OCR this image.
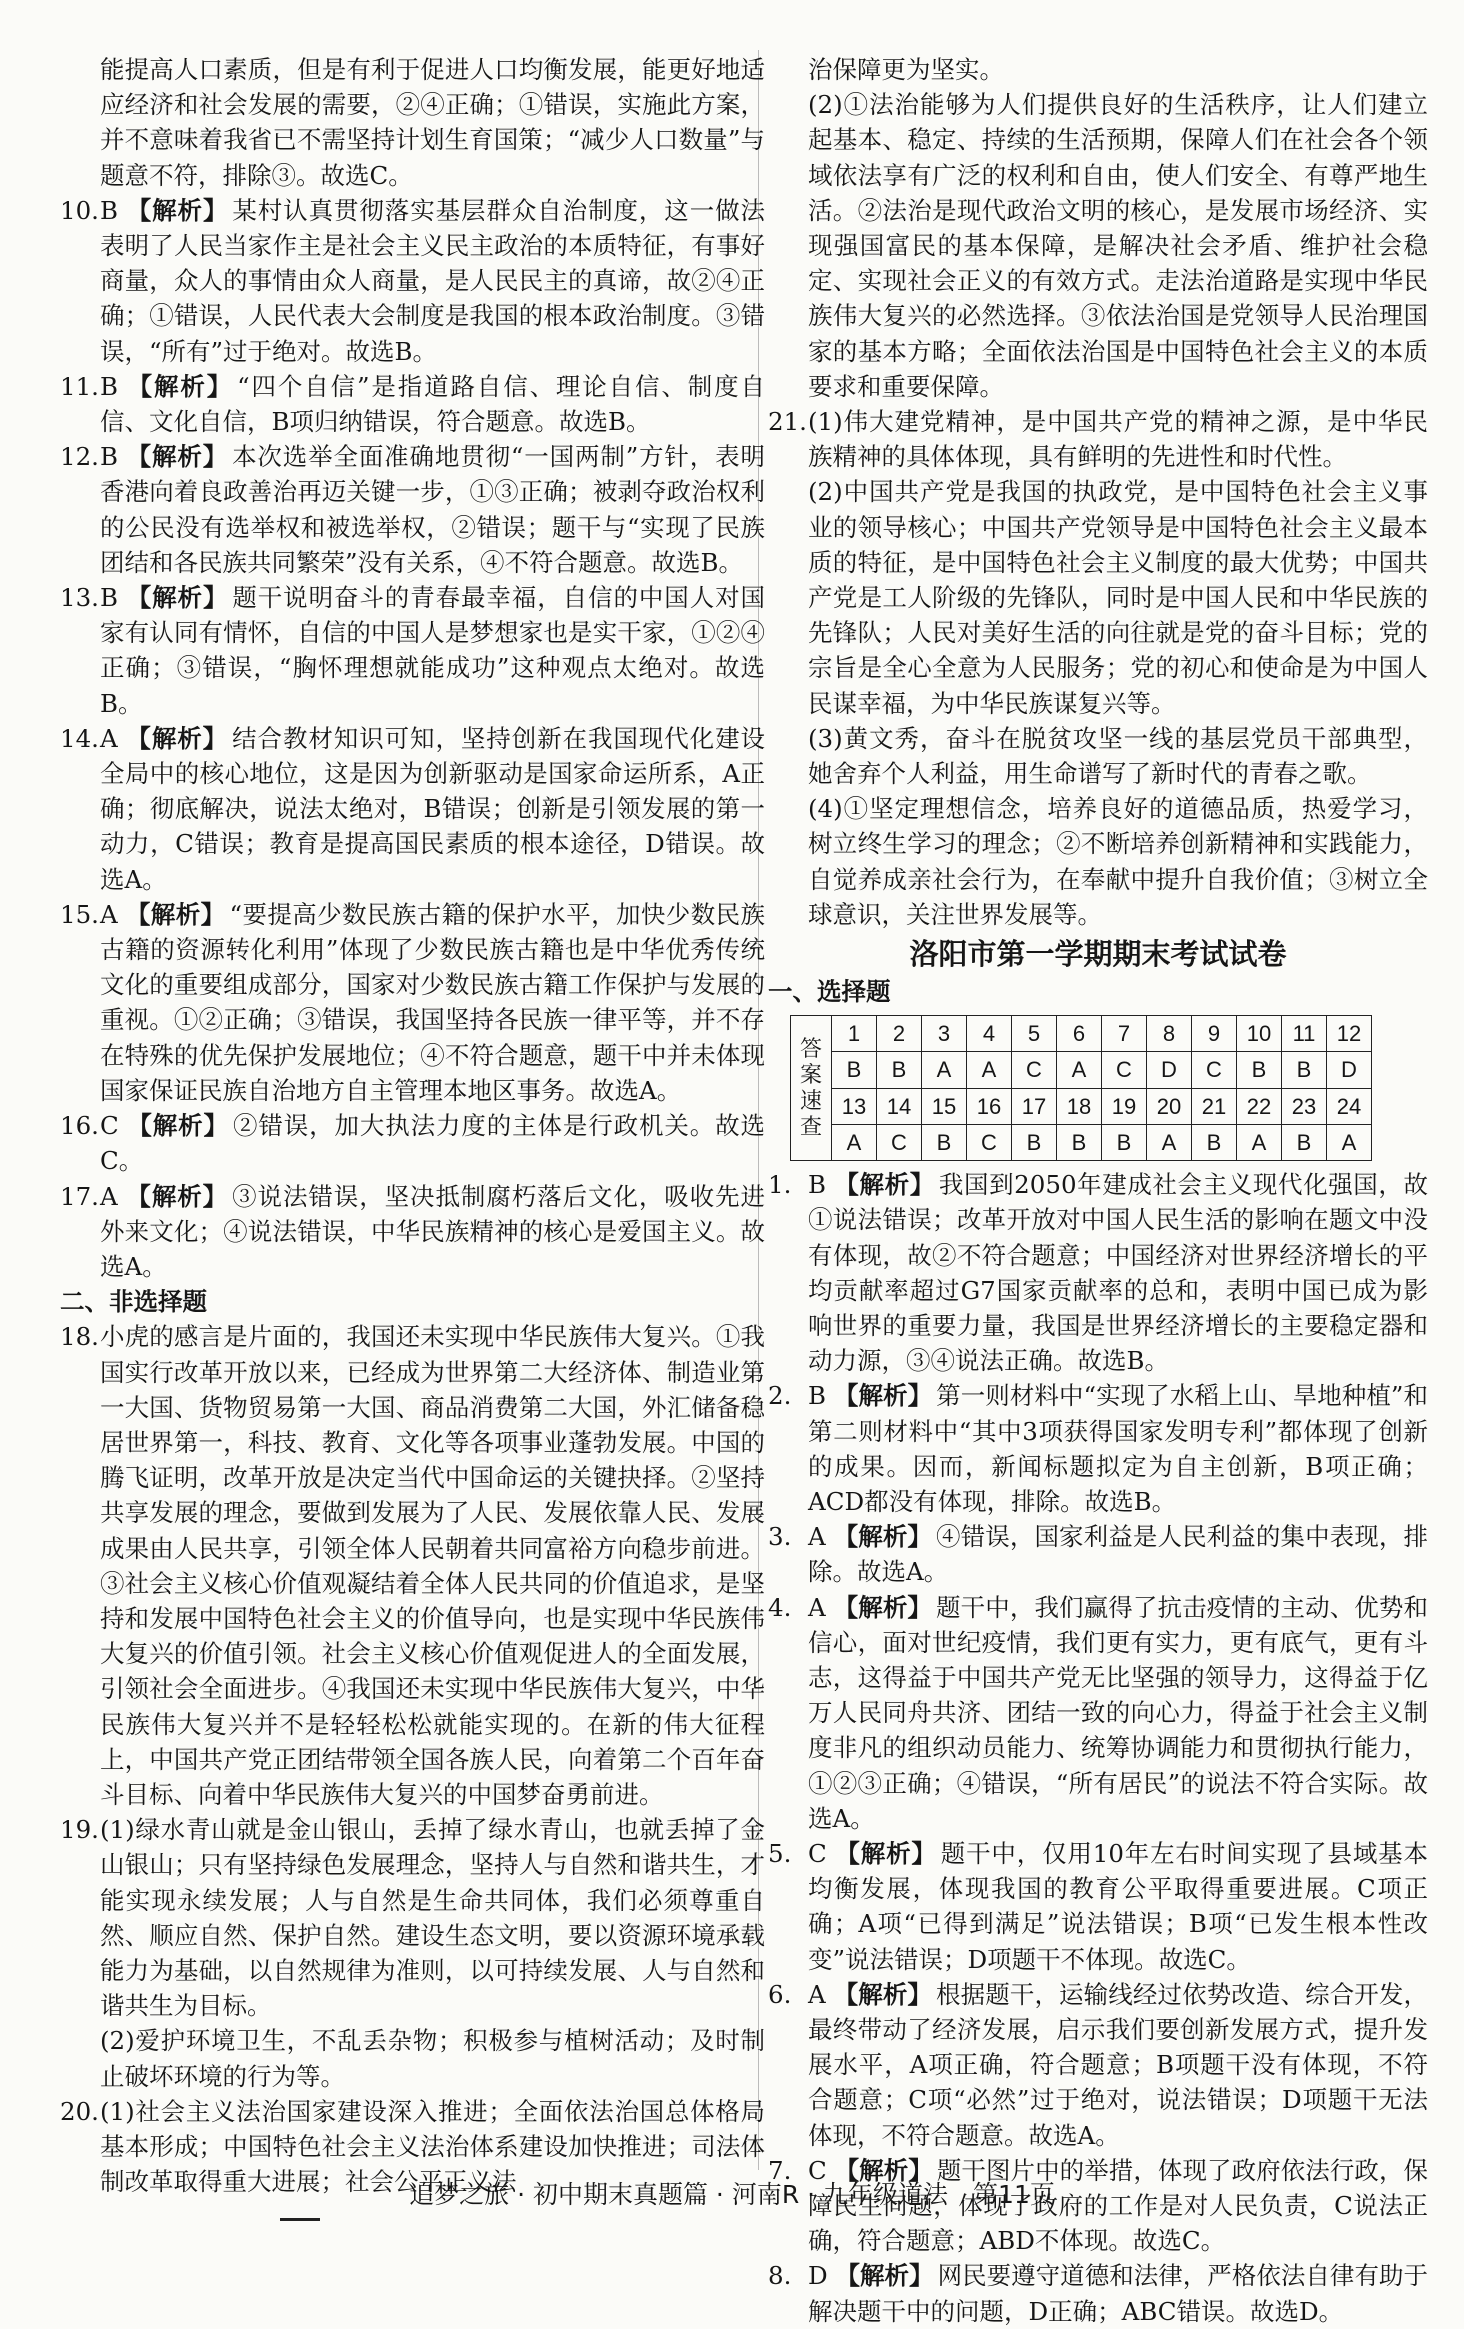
能提高人口素质，但是有利于促进人口均衡发展，能更好地适应经济和社会发展的需要，②④正确；①错误，实施此方案，并不意味着我省已不需坚持计划生育国策；“减少人口数量”与题意不符，排除③。故选C。

10. B 【解析】 某村认真贯彻落实基层群众自治制度，这一做法表明了人民当家作主是社会主义民主政治的本质特征，有事好商量，众人的事情由众人商量，是人民民主的真谛，故②④正确；①错误，人民代表大会制度是我国的根本政治制度。③错误，“所有”过于绝对。故选B。
11. B 【解析】 “四个自信”是指道路自信、理论自信、制度自信、文化自信，B项归纳错误，符合题意。故选B。
12. B 【解析】 本次选举全面准确地贯彻“一国两制”方针，表明香港向着良政善治再迈关键一步，①③正确；被剥夺政治权利的公民没有选举权和被选举权，②错误；题干与“实现了民族团结和各民族共同繁荣”没有关系，④不符合题意。故选B。
13. B 【解析】 题干说明奋斗的青春最幸福，自信的中国人对国家有认同有情怀，自信的中国人是梦想家也是实干家，①②④正确；③错误，“胸怀理想就能成功”这种观点太绝对。故选B。
14. A 【解析】 结合教材知识可知，坚持创新在我国现代化建设全局中的核心地位，这是因为创新驱动是国家命运所系，A正确；彻底解决，说法太绝对，B错误；创新是引领发展的第一动力，C错误；教育是提高国民素质的根本途径，D错误。故选A。
15. A 【解析】 “要提高少数民族古籍的保护水平，加快少数民族古籍的资源转化利用”体现了少数民族古籍也是中华优秀传统文化的重要组成部分，国家对少数民族古籍工作保护与发展的重视。①②正确；③错误，我国坚持各民族一律平等，并不存在特殊的优先保护发展地位；④不符合题意，题干中并未体现国家保证民族自治地方自主管理本地区事务。故选A。
16. C 【解析】 ②错误，加大执法力度的主体是行政机关。故选C。
17. A 【解析】 ③说法错误，坚决抵制腐朽落后文化，吸收先进外来文化；④说法错误，中华民族精神的核心是爱国主义。故选A。

二、非选择题

18. 小虎的感言是片面的，我国还未实现中华民族伟大复兴。①我国实行改革开放以来，已经成为世界第二大经济体、制造业第一大国、货物贸易第一大国、商品消费第二大国，外汇储备稳居世界第一，科技、教育、文化等各项事业蓬勃发展。中国的腾飞证明，改革开放是决定当代中国命运的关键抉择。②坚持共享发展的理念，要做到发展为了人民、发展依靠人民、发展成果由人民共享，引领全体人民朝着共同富裕方向稳步前进。③社会主义核心价值观凝结着全体人民共同的价值追求，是坚持和发展中国特色社会主义的价值导向，也是实现中华民族伟大复兴的价值引领。社会主义核心价值观促进人的全面发展，引领社会全面进步。④我国还未实现中华民族伟大复兴，中华民族伟大复兴并不是轻轻松松就能实现的。在新的伟大征程上，中国共产党正团结带领全国各族人民，向着第二个百年奋斗目标、向着中华民族伟大复兴的中国梦奋勇前进。
19. (1)绿水青山就是金山银山，丢掉了绿水青山，也就丢掉了金山银山；只有坚持绿色发展理念，坚持人与自然和谐共生，才能实现永续发展；人与自然是生命共同体，我们必须尊重自然、顺应自然、保护自然。建设生态文明，要以资源环境承载能力为基础，以自然规律为准则，以可持续发展、人与自然和谐共生为目标。
(2)爱护环境卫生，不乱丢杂物；积极参与植树活动；及时制止破坏环境的行为等。
20. (1)社会主义法治国家建设深入推进；全面依法治国总体格局基本形成；中国特色社会主义法治体系建设加快推进；司法体制改革取得重大进展；社会公平正义法

治保障更为坚实。

(2)①法治能够为人们提供良好的生活秩序，让人们建立起基本、稳定、持续的生活预期，保障人们在社会各个领域依法享有广泛的权利和自由，使人们安全、有尊严地生活。②法治是现代政治文明的核心，是发展市场经济、实现强国富民的基本保障，是解决社会矛盾、维护社会稳定、实现社会正义的有效方式。走法治道路是实现中华民族伟大复兴的必然选择。③依法治国是党领导人民治理国家的基本方略；全面依法治国是中国特色社会主义的本质要求和重要保障。

21. (1)伟大建党精神，是中国共产党的精神之源，是中华民族精神的具体体现，具有鲜明的先进性和时代性。
(2)中国共产党是我国的执政党，是中国特色社会主义事业的领导核心；中国共产党领导是中国特色社会主义最本质的特征，是中国特色社会主义制度的最大优势；中国共产党是工人阶级的先锋队，同时是中国人民和中华民族的先锋队；人民对美好生活的向往就是党的奋斗目标；党的宗旨是全心全意为人民服务；党的初心和使命是为中国人民谋幸福，为中华民族谋复兴等。
(3)黄文秀，奋斗在脱贫攻坚一线的基层党员干部典型，她舍弃个人利益，用生命谱写了新时代的青春之歌。
(4)①坚定理想信念，培养良好的道德品质，热爱学习，树立终生学习的理念；②不断培养创新精神和实践能力，自觉养成亲社会行为，在奉献中提升自我价值；③树立全球意识，关注世界发展等。

洛阳市第一学期期末考试试卷

一、选择题

答
案
速
查	1	2	3	4	5	6	7	8	9	10	11	12
	B	B	A	A	C	A	C	D	C	B	B	D
	13	14	15	16	17	18	19	20	21	22	23	24
	A	C	B	C	B	B	B	A	B	A	B	A
1. B 【解析】 我国到2050年建成社会主义现代化强国，故①说法错误；改革开放对中国人民生活的影响在题文中没有体现，故②不符合题意；中国经济对世界经济增长的平均贡献率超过G7国家贡献率的总和，表明中国已成为影响世界的重要力量，我国是世界经济增长的主要稳定器和动力源，③④说法正确。故选B。
2. B 【解析】 第一则材料中“实现了水稻上山、旱地种植”和第二则材料中“其中3项获得国家发明专利”都体现了创新的成果。因而，新闻标题拟定为自主创新，B项正确；ACD都没有体现，排除。故选B。
3. A 【解析】 ④错误，国家利益是人民利益的集中表现，排除。故选A。
4. A 【解析】 题干中，我们赢得了抗击疫情的主动、优势和信心，面对世纪疫情，我们更有实力，更有底气，更有斗志，这得益于中国共产党无比坚强的领导力，这得益于亿万人民同舟共济、团结一致的向心力，得益于社会主义制度非凡的组织动员能力、统筹协调能力和贯彻执行能力，①②③正确；④错误，“所有居民”的说法不符合实际。故选A。
5. C 【解析】 题干中，仅用10年左右时间实现了县域基本均衡发展，体现我国的教育公平取得重要进展。C项正确；A项“已得到满足”说法错误；B项“已发生根本性改变”说法错误；D项题干不体现。故选C。
6. A 【解析】 根据题干，运输线经过依势改造、综合开发，最终带动了经济发展，启示我们要创新发展方式，提升发展水平，A项正确，符合题意；B项题干没有体现，不符合题意；C项“必然”过于绝对，说法错误；D项题干无法体现，不符合题意。故选A。
7. C 【解析】 题干图片中的举措，体现了政府依法行政，保障民生问题，体现了政府的工作是对人民负责，C说法正确，符合题意；ABD不体现。故选C。
8. D 【解析】 网民要遵守道德和法律，严格依法自律有助于解决题干中的问题，D正确；ABC错误。故选D。
追梦之旅 · 初中期末真题篇 · 河南R · 九年级道法　第11页
